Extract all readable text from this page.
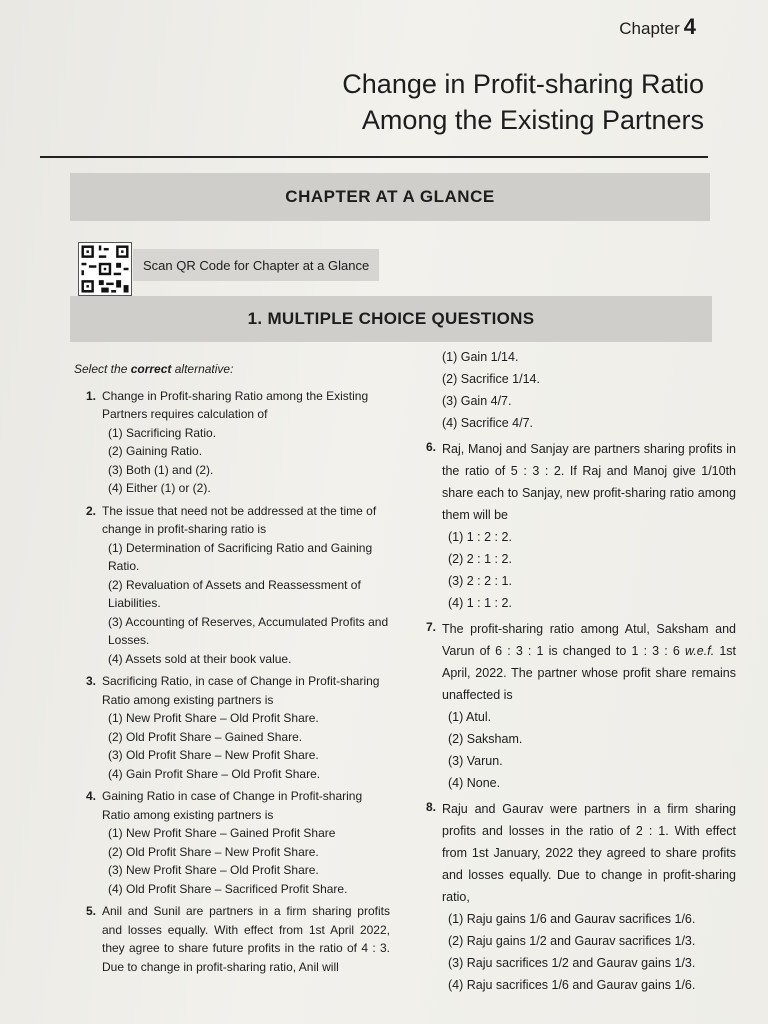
Chapter 4
Change in Profit-sharing Ratio
Among the Existing Partners
CHAPTER AT A GLANCE
Scan QR Code for Chapter at a Glance
1. MULTIPLE CHOICE QUESTIONS
Select the correct alternative:
1. Change in Profit-sharing Ratio among the Existing Partners requires calculation of
(1) Sacrificing Ratio.
(2) Gaining Ratio.
(3) Both (1) and (2).
(4) Either (1) or (2).
2. The issue that need not be addressed at the time of change in profit-sharing ratio is
(1) Determination of Sacrificing Ratio and Gaining Ratio.
(2) Revaluation of Assets and Reassessment of Liabilities.
(3) Accounting of Reserves, Accumulated Profits and Losses.
(4) Assets sold at their book value.
3. Sacrificing Ratio, in case of Change in Profit-sharing Ratio among existing partners is
(1) New Profit Share – Old Profit Share.
(2) Old Profit Share – Gained Share.
(3) Old Profit Share – New Profit Share.
(4) Gain Profit Share – Old Profit Share.
4. Gaining Ratio in case of Change in Profit-sharing Ratio among existing partners is
(1) New Profit Share – Gained Profit Share
(2) Old Profit Share – New Profit Share.
(3) New Profit Share – Old Profit Share.
(4) Old Profit Share – Sacrificed Profit Share.
5. Anil and Sunil are partners in a firm sharing profits and losses equally. With effect from 1st April 2022, they agree to share future profits in the ratio of 4 : 3. Due to change in profit-sharing ratio, Anil will
(1) Gain 1/14.
(2) Sacrifice 1/14.
(3) Gain 4/7.
(4) Sacrifice 4/7.
6. Raj, Manoj and Sanjay are partners sharing profits in the ratio of 5 : 3 : 2. If Raj and Manoj give 1/10th share each to Sanjay, new profit-sharing ratio among them will be
(1) 1 : 2 : 2.
(2) 2 : 1 : 2.
(3) 2 : 2 : 1.
(4) 1 : 1 : 2.
7. The profit-sharing ratio among Atul, Saksham and Varun of 6 : 3 : 1 is changed to 1 : 3 : 6 w.e.f. 1st April, 2022. The partner whose profit share remains unaffected is
(1) Atul.
(2) Saksham.
(3) Varun.
(4) None.
8. Raju and Gaurav were partners in a firm sharing profits and losses in the ratio of 2 : 1. With effect from 1st January, 2022 they agreed to share profits and losses equally. Due to change in profit-sharing ratio,
(1) Raju gains 1/6 and Gaurav sacrifices 1/6.
(2) Raju gains 1/2 and Gaurav sacrifices 1/3.
(3) Raju sacrifices 1/2 and Gaurav gains 1/3.
(4) Raju sacrifices 1/6 and Gaurav gains 1/6.
